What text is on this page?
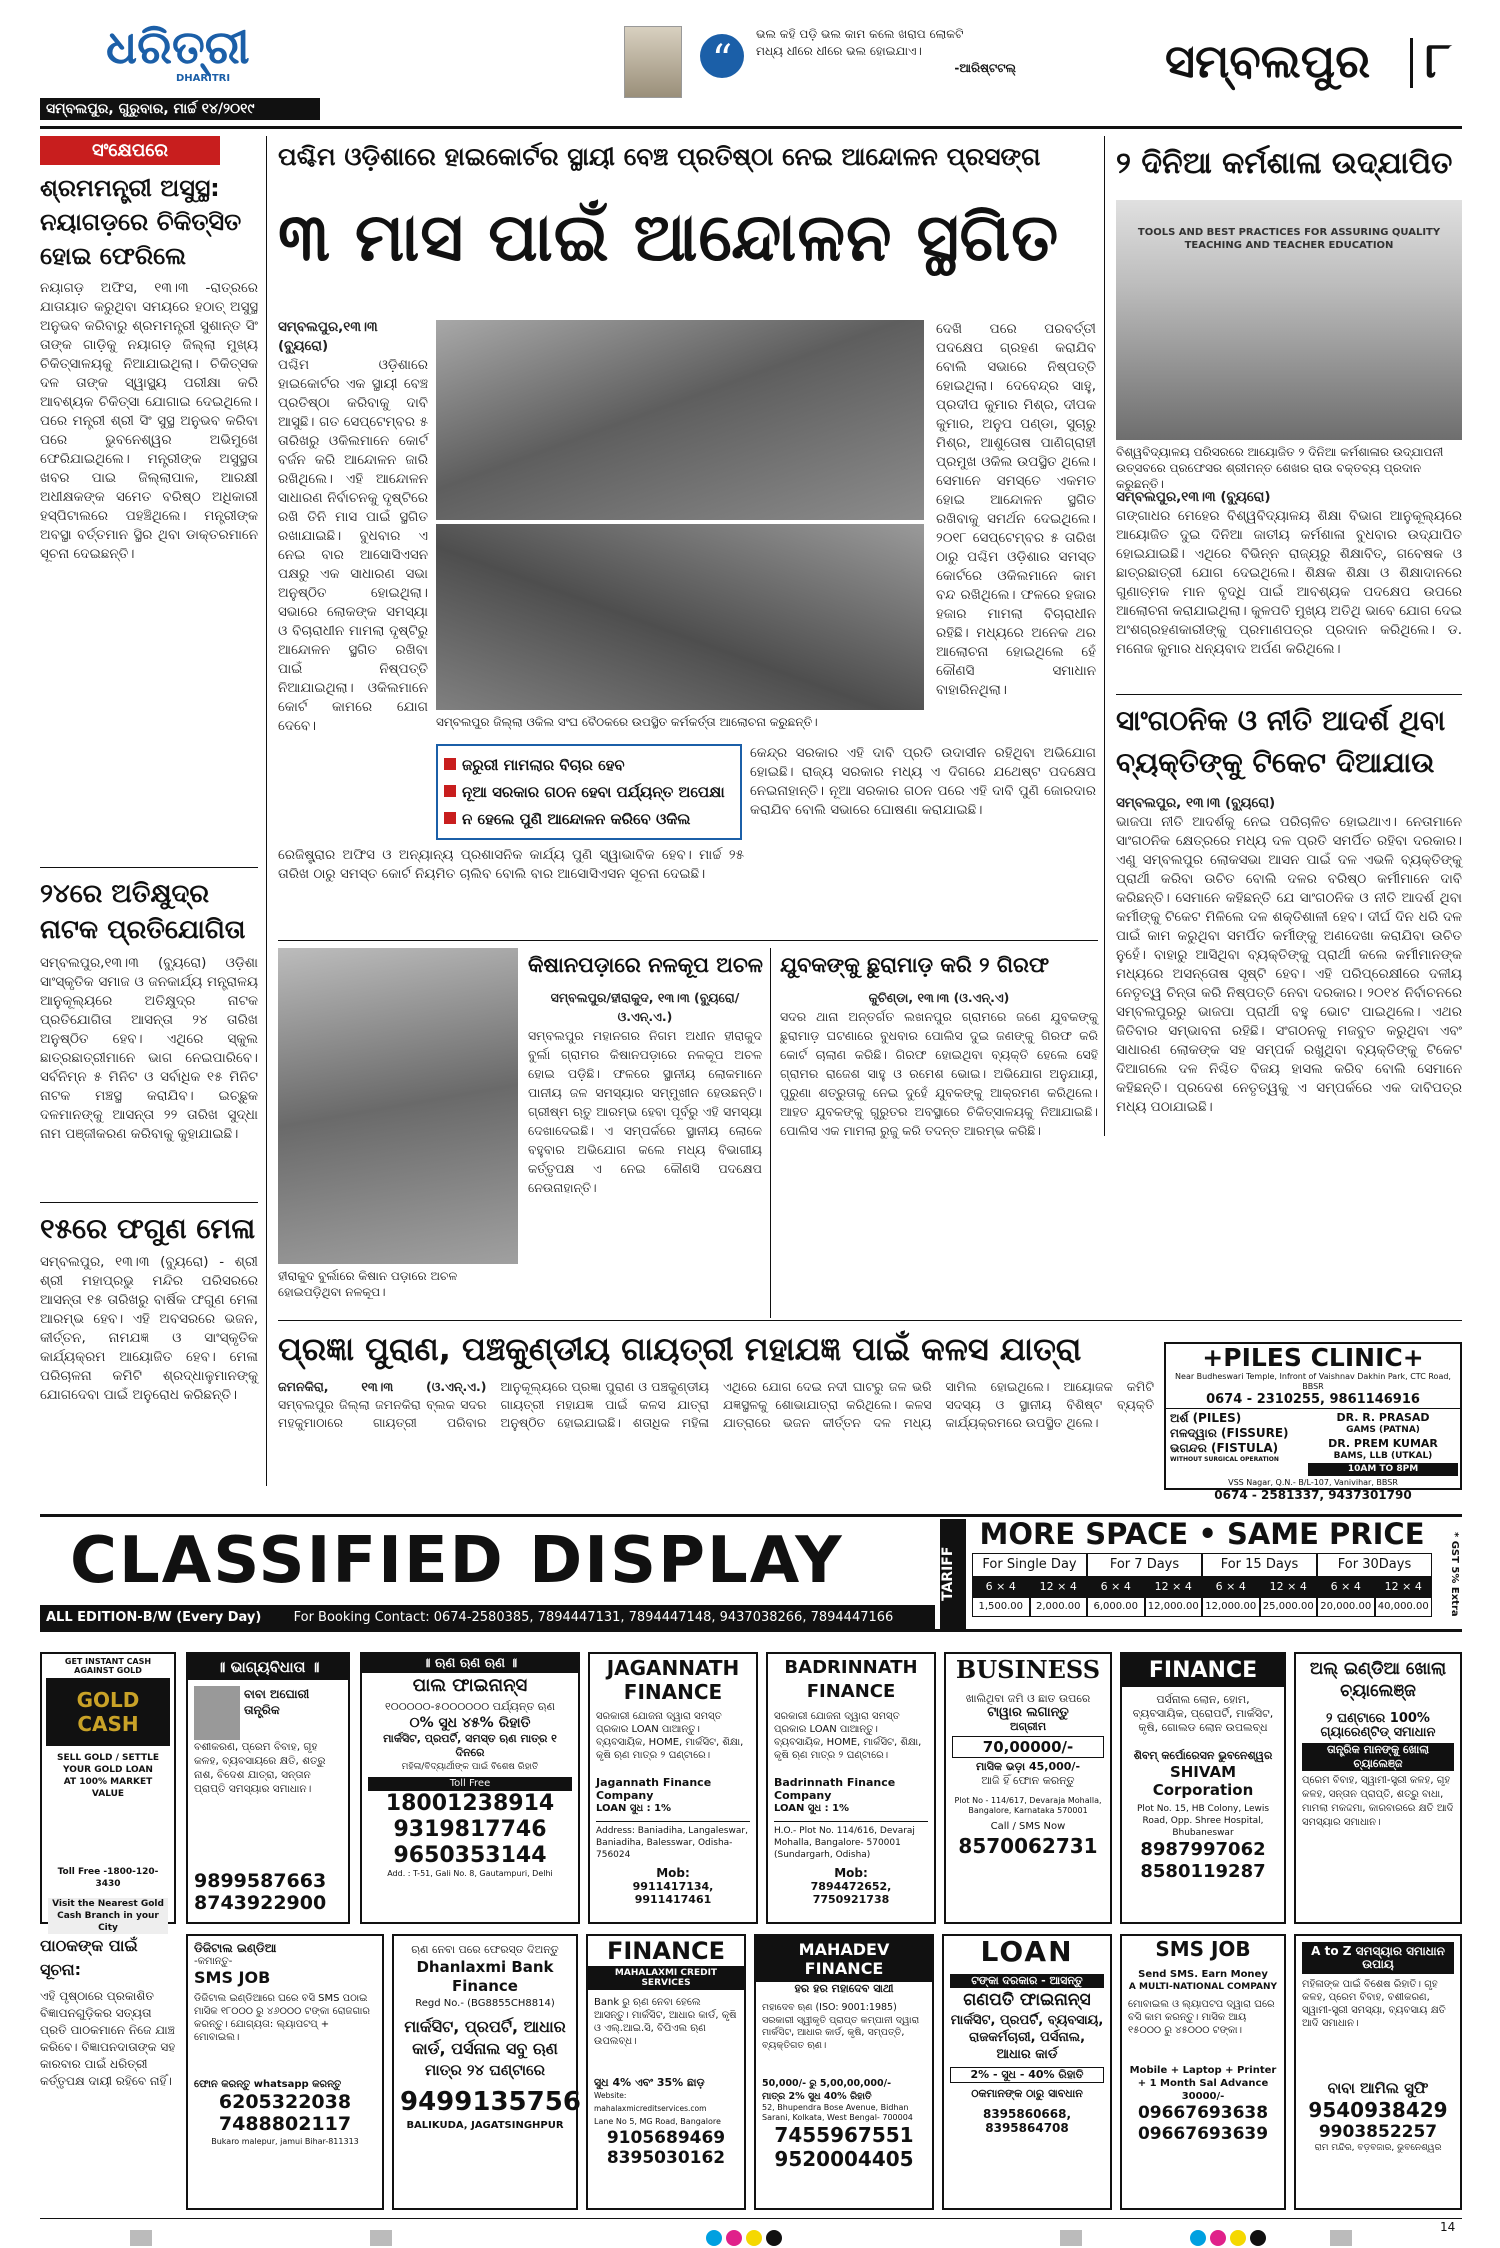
ଧରିତ୍ରୀ
DHARITRI
ସମ୍ବଲପୁର, ଗୁରୁବାର, ମାର୍ଚ୍ଚ ୧୪/୨୦୧୯
“
ଭଲ କହି ପଡ଼ି ଭଲ କାମ କଲେ ଖରାପ ଲୋକଟି
ମଧ୍ୟ ଧୀରେ ଧୀରେ ଭଲ ହୋଇଯାଏ।
-ଆରିଷ୍ଟଟଲ୍	ସମ୍ବଲପୁର ୮
ସଂକ୍ଷେପରେ
ଶ୍ରମମନ୍ତ୍ରୀ ଅସୁସ୍ଥ: ନୟାଗଡ଼ରେ ଚିକିତ୍ସିତ ହୋଇ ଫେରିଲେ
ନୟାଗଡ଼ ଅଫିସ, ୧୩।୩ -ରାତ୍ରରେ ଯାତାୟାତ କରୁଥିବା ସମୟରେ ହଠାତ୍ ଅସୁସ୍ଥ ଅନୁଭବ କରିବାରୁ ଶ୍ରମମନ୍ତ୍ରୀ ସୁଶାନ୍ତ ସିଂ ତାଙ୍କ ଗାଡ଼ିକୁ ନୟାଗଡ଼ ଜିଲ୍ଲା ମୁଖ୍ୟ ଚିକିତ୍ସାଳୟକୁ ନିଆଯାଇଥିଲା। ଚିକିତ୍ସକ ଦଳ ତାଙ୍କ ସ୍ୱାସ୍ଥ୍ୟ ପରୀକ୍ଷା କରି ଆବଶ୍ୟକ ଚିକିତ୍ସା ଯୋଗାଇ ଦେଇଥିଲେ। ପରେ ମନ୍ତ୍ରୀ ଶ୍ରୀ ସିଂ ସୁସ୍ଥ ଅନୁଭବ କରିବା ପରେ ଭୁବନେଶ୍ୱର ଅଭିମୁଖେ ଫେରିଯାଇଥିଲେ। ମନ୍ତ୍ରୀଙ୍କ ଅସୁସ୍ଥତା ଖବର ପାଇ ଜିଲ୍ଲାପାଳ, ଆରକ୍ଷୀ ଅଧୀକ୍ଷକଙ୍କ ସମେତ ବରିଷ୍ଠ ଅଧିକାରୀ ହସ୍ପିଟାଲରେ ପହଞ୍ଚିଥିଲେ। ମନ୍ତ୍ରୀଙ୍କ ଅବସ୍ଥା ବର୍ତ୍ତମାନ ସ୍ଥିର ଥିବା ଡାକ୍ତରମାନେ ସୂଚନା ଦେଇଛନ୍ତି।
୨୪ରେ ଅତିକ୍ଷୁଦ୍ର ନାଟକ ପ୍ରତିଯୋଗିତା
ସମ୍ବଲପୁର,୧୩।୩ (ବ୍ୟୁରୋ) ଓଡ଼ିଶା ସାଂସ୍କୃତିକ ସମାଜ ଓ ଜନକାର୍ଯ୍ୟ ମନ୍ତ୍ରାଳୟ ଆନୁକୂଲ୍ୟରେ ଅତିକ୍ଷୁଦ୍ର ନାଟକ ପ୍ରତିଯୋଗିତା ଆସନ୍ତା ୨୪ ତାରିଖ ଅନୁଷ୍ଠିତ ହେବ। ଏଥିରେ ସ୍କୁଲ ଛାତ୍ରଛାତ୍ରୀମାନେ ଭାଗ ନେଇପାରିବେ। ସର୍ବନିମ୍ନ ୫ ମିନିଟ ଓ ସର୍ବାଧିକ ୧୫ ମିନିଟ ନାଟକ ମଞ୍ଚସ୍ଥ କରାଯିବ। ଇଚ୍ଛୁକ ଦଳମାନଙ୍କୁ ଆସନ୍ତା ୨୨ ତାରିଖ ସୁଦ୍ଧା ନାମ ପଞ୍ଜୀକରଣ କରିବାକୁ କୁହାଯାଇଛି।
୧୫ରେ ଫଗୁଣ ମେଳା
ସମ୍ବଲପୁର, ୧୩।୩ (ବ୍ୟୁରୋ) - ଶ୍ରୀ ଶ୍ରୀ ମହାପ୍ରଭୁ ମନ୍ଦିର ପରିସରରେ ଆସନ୍ତା ୧୫ ତାରିଖରୁ ବାର୍ଷିକ ଫଗୁଣ ମେଳା ଆରମ୍ଭ ହେବ। ଏହି ଅବସରରେ ଭଜନ, କୀର୍ତ୍ତନ, ନାମଯଜ୍ଞ ଓ ସାଂସ୍କୃତିକ କାର୍ଯ୍ୟକ୍ରମ ଆୟୋଜିତ ହେବ। ମେଳା ପରିଚାଳନା କମିଟି ଶ୍ରଦ୍ଧାଳୁମାନଙ୍କୁ ଯୋଗଦେବା ପାଇଁ ଅନୁରୋଧ କରିଛନ୍ତି।
ପଶ୍ଚିମ ଓଡ଼ିଶାରେ ହାଇକୋର୍ଟର ସ୍ଥାୟୀ ବେଞ୍ଚ ପ୍ରତିଷ୍ଠା ନେଇ ଆନ୍ଦୋଳନ ପ୍ରସଙ୍ଗ
୩ ମାସ ପାଇଁ ଆନ୍ଦୋଳନ ସ୍ଥଗିତ
ସମ୍ବଲପୁର,୧୩।୩ (ବ୍ୟୁରୋ)
ପଶ୍ଚିମ ଓଡ଼ିଶାରେ ହାଇକୋର୍ଟର ଏକ ସ୍ଥାୟୀ ବେଞ୍ଚ ପ୍ରତିଷ୍ଠା କରିବାକୁ ଦାବି ଆସୁଛି। ଗତ ସେପ୍ଟେମ୍ବର ୫ ତାରିଖରୁ ଓକିଲମାନେ କୋର୍ଟ ବର୍ଜନ କରି ଆନ୍ଦୋଳନ ଜାରି ରଖିଥିଲେ। ଏହି ଆନ୍ଦୋଳନ ସାଧାରଣ ନିର୍ବାଚନକୁ ଦୃଷ୍ଟିରେ ରଖି ତିନି ମାସ ପାଇଁ ସ୍ଥଗିତ ରଖାଯାଇଛି। ବୁଧବାର ଏ ନେଇ ବାର ଆସୋସିଏସନ ପକ୍ଷରୁ ଏକ ସାଧାରଣ ସଭା ଅନୁଷ୍ଠିତ ହୋଇଥିଲା। ସଭାରେ ଲୋକଙ୍କ ସମସ୍ୟା ଓ ବିଚାରାଧୀନ ମାମଲା ଦୃଷ୍ଟିରୁ ଆନ୍ଦୋଳନ ସ୍ଥଗିତ ରଖିବା ପାଇଁ ନିଷ୍ପତ୍ତି ନିଆଯାଇଥିଲା। ଓକିଲମାନେ କୋର୍ଟ କାମରେ ଯୋଗ ଦେବେ।	ସମ୍ବଲପୁର ଜିଲ୍ଲା ଓକିଲ ସଂଘ ବୈଠକରେ ଉପସ୍ଥିତ କର୍ମକର୍ତ୍ତା ଆଲୋଚନା କରୁଛନ୍ତି।
ଦେଖି ପରେ ପରବର୍ତ୍ତୀ ପଦକ୍ଷେପ ଗ୍ରହଣ କରାଯିବ ବୋଲି ସଭାରେ ନିଷ୍ପତ୍ତି ହୋଇଥିଲା। ଦେବେନ୍ଦ୍ର ସାହୁ, ପ୍ରଦୀପ କୁମାର ମିଶ୍ର, ଦୀପକ କୁମାର, ଅନୁପ ପଣ୍ଡା, ସୁଚାରୁ ମିଶ୍ର, ଆଶୁତୋଷ ପାଣିଗ୍ରାହୀ ପ୍ରମୁଖ ଓକିଲ ଉପସ୍ଥିତ ଥିଲେ। ସେମାନେ ସମସ୍ତେ ଏକମତ ହୋଇ ଆନ୍ଦୋଳନ ସ୍ଥଗିତ ରଖିବାକୁ ସମର୍ଥନ ଦେଇଥିଲେ। ୨୦୧୮ ସେପ୍ଟେମ୍ବର ୫ ତାରିଖ ଠାରୁ ପଶ୍ଚିମ ଓଡ଼ିଶାର ସମସ୍ତ କୋର୍ଟରେ ଓକିଲମାନେ କାମ ବନ୍ଦ ରଖିଥିଲେ। ଫଳରେ ହଜାର ହଜାର ମାମଲା ବିଚାରାଧୀନ ରହିଛି। ମଧ୍ୟରେ ଅନେକ ଥର ଆଲୋଚନା ହୋଇଥିଲେ ହେଁ କୌଣସି ସମାଧାନ ବାହାରିନଥିଲା।
ଜରୁରୀ ମାମଲାର ବିଚାର ହେବ
ନୂଆ ସରକାର ଗଠନ ହେବା ପର୍ଯ୍ୟନ୍ତ ଅପେକ୍ଷା
ନ ହେଲେ ପୁଣି ଆନ୍ଦୋଳନ କରିବେ ଓକିଲ
କେନ୍ଦ୍ର ସରକାର ଏହି ଦାବି ପ୍ରତି ଉଦାସୀନ ରହିଥିବା ଅଭିଯୋଗ ହୋଇଛି। ରାଜ୍ୟ ସରକାର ମଧ୍ୟ ଏ ଦିଗରେ ଯଥେଷ୍ଟ ପଦକ୍ଷେପ ନେଇନାହାନ୍ତି। ନୂଆ ସରକାର ଗଠନ ପରେ ଏହି ଦାବି ପୁଣି ଜୋରଦାର କରାଯିବ ବୋଲି ସଭାରେ ଘୋଷଣା କରାଯାଇଛି।
ରେଜିଷ୍ଟ୍ରାର ଅଫିସ ଓ ଅନ୍ୟାନ୍ୟ ପ୍ରଶାସନିକ କାର୍ଯ୍ୟ ପୁଣି ସ୍ୱାଭାବିକ ହେବ। ମାର୍ଚ୍ଚ ୨୫ ତାରିଖ ଠାରୁ ସମସ୍ତ କୋର୍ଟ ନିୟମିତ ଚାଲିବ ବୋଲି ବାର ଆସୋସିଏସନ ସୂଚନା ଦେଇଛି।
୨ ଦିନିଆ କର୍ମଶାଳା ଉଦ୍ଯାପିତ
TOOLS AND BEST PRACTICES FOR ASSURING QUALITY TEACHING AND TEACHER EDUCATION
ବିଶ୍ୱବିଦ୍ୟାଳୟ ପରିସରରେ ଆୟୋଜିତ ୨ ଦିନିଆ କର୍ମଶାଳାର ଉଦ୍ଯାପନୀ ଉତ୍ସବରେ ପ୍ରଫେସର ଶ୍ରୀମନ୍ତ ଶେଖର ରାଉ ବକ୍ତବ୍ୟ ପ୍ରଦାନ କରୁଛନ୍ତି।
ସମ୍ବଲପୁର,୧୩।୩ (ବ୍ୟୁରୋ)
ଗଙ୍ଗାଧର ମେହେର ବିଶ୍ୱବିଦ୍ୟାଳୟ ଶିକ୍ଷା ବିଭାଗ ଆନୁକୂଲ୍ୟରେ ଆୟୋଜିତ ଦୁଇ ଦିନିଆ ଜାତୀୟ କର୍ମଶାଳା ବୁଧବାର ଉଦ୍ଯାପିତ ହୋଇଯାଇଛି। ଏଥିରେ ବିଭିନ୍ନ ରାଜ୍ୟରୁ ଶିକ୍ଷାବିତ୍, ଗବେଷକ ଓ ଛାତ୍ରଛାତ୍ରୀ ଯୋଗ ଦେଇଥିଲେ। ଶିକ୍ଷକ ଶିକ୍ଷା ଓ ଶିକ୍ଷାଦାନରେ ଗୁଣାତ୍ମକ ମାନ ବୃଦ୍ଧି ପାଇଁ ଆବଶ୍ୟକ ପଦକ୍ଷେପ ଉପରେ ଆଲୋଚନା କରାଯାଇଥିଲା। କୁଳପତି ମୁଖ୍ୟ ଅତିଥି ଭାବେ ଯୋଗ ଦେଇ ଅଂଶଗ୍ରହଣକାରୀଙ୍କୁ ପ୍ରମାଣପତ୍ର ପ୍ରଦାନ କରିଥିଲେ। ଡ. ମନୋଜ କୁମାର ଧନ୍ୟବାଦ ଅର୍ପଣ କରିଥିଲେ।
ସାଂଗଠନିକ ଓ ନୀତି ଆଦର୍ଶ ଥିବା ବ୍ୟକ୍ତିଙ୍କୁ ଟିକେଟ ଦିଆଯାଉ
ସମ୍ବଲପୁର, ୧୩।୩ (ବ୍ୟୁରୋ)
ଭାଜପା ନୀତି ଆଦର୍ଶକୁ ନେଇ ପରିଚାଳିତ ହୋଇଥାଏ। ନେତାମାନେ ସାଂଗଠନିକ କ୍ଷେତ୍ରରେ ମଧ୍ୟ ଦଳ ପ୍ରତି ସମର୍ପିତ ରହିବା ଦରକାର। ଏଣୁ ସମ୍ବଲପୁର ଲୋକସଭା ଆସନ ପାଇଁ ଦଳ ଏଭଳି ବ୍ୟକ୍ତିଙ୍କୁ ପ୍ରାର୍ଥୀ କରିବା ଉଚିତ ବୋଲି ଦଳର ବରିଷ୍ଠ କର୍ମୀମାନେ ଦାବି କରିଛନ୍ତି। ସେମାନେ କହିଛନ୍ତି ଯେ ସାଂଗଠନିକ ଓ ନୀତି ଆଦର୍ଶ ଥିବା କର୍ମୀଙ୍କୁ ଟିକେଟ ମିଳିଲେ ଦଳ ଶକ୍ତିଶାଳୀ ହେବ। ଦୀର୍ଘ ଦିନ ଧରି ଦଳ ପାଇଁ କାମ କରୁଥିବା ସମର୍ପିତ କର୍ମୀଙ୍କୁ ଅଣଦେଖା କରାଯିବା ଉଚିତ ନୁହେଁ। ବାହାରୁ ଆସିଥିବା ବ୍ୟକ୍ତିଙ୍କୁ ପ୍ରାର୍ଥୀ କଲେ କର୍ମୀମାନଙ୍କ ମଧ୍ୟରେ ଅସନ୍ତୋଷ ସୃଷ୍ଟି ହେବ। ଏହି ପରିପ୍ରେକ୍ଷୀରେ ଦଳୀୟ ନେତୃତ୍ୱ ଚିନ୍ତା କରି ନିଷ୍ପତ୍ତି ନେବା ଦରକାର। ୨୦୧୪ ନିର୍ବାଚନରେ ସମ୍ବଲପୁରରୁ ଭାଜପା ପ୍ରାର୍ଥୀ ବହୁ ଭୋଟ ପାଇଥିଲେ। ଏଥର ଜିତିବାର ସମ୍ଭାବନା ରହିଛି। ସଂଗଠନକୁ ମଜବୁତ କରୁଥିବା ଏବଂ ସାଧାରଣ ଲୋକଙ୍କ ସହ ସମ୍ପର୍କ ରଖୁଥିବା ବ୍ୟକ୍ତିଙ୍କୁ ଟିକେଟ ଦିଆଗଲେ ଦଳ ନିଶ୍ଚିତ ବିଜୟ ହାସଲ କରିବ ବୋଲି ସେମାନେ କହିଛନ୍ତି। ପ୍ରଦେଶ ନେତୃତ୍ୱକୁ ଏ ସମ୍ପର୍କରେ ଏକ ଦାବିପତ୍ର ମଧ୍ୟ ପଠାଯାଇଛି।
ହୀରାକୁଦ ବୁର୍ଲାରେ କିଷାନ ପଡ଼ାରେ ଅଚଳ ହୋଇପଡ଼ିଥିବା ନଳକୂପ।
କିଷାନପଡ଼ାରେ ନଳକୂପ ଅଚଳ
ସମ୍ବଲପୁର/ହୀରାକୁଦ, ୧୩।୩ (ବ୍ୟୁରୋ/ ଓ.ଏନ୍.ଏ.)
ସମ୍ବଲପୁର ମହାନଗର ନିଗମ ଅଧୀନ ହୀରାକୁଦ ବୁର୍ଲା ଗ୍ରାମର କିଷାନପଡ଼ାରେ ନଳକୂପ ଅଚଳ ହୋଇ ପଡ଼ିଛି। ଫଳରେ ସ୍ଥାନୀୟ ଲୋକମାନେ ପାନୀୟ ଜଳ ସମସ୍ୟାର ସମ୍ମୁଖୀନ ହେଉଛନ୍ତି। ଗ୍ରୀଷ୍ମ ଋତୁ ଆରମ୍ଭ ହେବା ପୂର୍ବରୁ ଏହି ସମସ୍ୟା ଦେଖାଦେଇଛି। ଏ ସମ୍ପର୍କରେ ସ୍ଥାନୀୟ ଲୋକେ ବହୁବାର ଅଭିଯୋଗ କଲେ ମଧ୍ୟ ବିଭାଗୀୟ କର୍ତ୍ତୃପକ୍ଷ ଏ ନେଇ କୌଣସି ପଦକ୍ଷେପ ନେଉନାହାନ୍ତି।
ଯୁବକଙ୍କୁ ଛୁରାମାଡ଼ କରି ୨ ଗିରଫ
କୁଚିଣ୍ଡା, ୧୩।୩ (ଓ.ଏନ୍.ଏ)
ସଦର ଥାନା ଅନ୍ତର୍ଗତ ଲଖନପୁର ଗ୍ରାମରେ ଜଣେ ଯୁବକଙ୍କୁ ଛୁରାମାଡ଼ ଘଟଣାରେ ବୁଧବାର ପୋଲିସ ଦୁଇ ଜଣଙ୍କୁ ଗିରଫ କରି କୋର୍ଟ ଚାଲାଣ କରିଛି। ଗିରଫ ହୋଇଥିବା ବ୍ୟକ୍ତି ହେଲେ ସେହି ଗ୍ରାମର ରାଜେଶ ସାହୁ ଓ ରମେଶ ଭୋଇ। ଅଭିଯୋଗ ଅନୁଯାୟୀ, ପୁରୁଣା ଶତ୍ରୁତାକୁ ନେଇ ଦୁହେଁ ଯୁବକଙ୍କୁ ଆକ୍ରମଣ କରିଥିଲେ। ଆହତ ଯୁବକଙ୍କୁ ଗୁରୁତର ଅବସ୍ଥାରେ ଚିକିତ୍ସାଳୟକୁ ନିଆଯାଇଛି। ପୋଲିସ ଏକ ମାମଲା ରୁଜୁ କରି ତଦନ୍ତ ଆରମ୍ଭ କରିଛି।
ପ୍ରଜ୍ଞା ପୁରାଣ, ପଞ୍ଚକୁଣ୍ଡୀୟ ଗାୟତ୍ରୀ ମହାଯଜ୍ଞ ପାଇଁ କଳସ ଯାତ୍ରା
ଜମନକିରା, ୧୩।୩ (ଓ.ଏନ୍.ଏ.) ସମ୍ବଲପୁର ଜିଲ୍ଲା ଜମନକିରା ବ୍ଲକ ସଦର ମହକୁମାଠାରେ ଗାୟତ୍ରୀ ପରିବାର ଆନୁକୂଲ୍ୟରେ ପ୍ରଜ୍ଞା ପୁରାଣ ଓ ପଞ୍ଚକୁଣ୍ଡୀୟ ଗାୟତ୍ରୀ ମହାଯଜ୍ଞ ପାଇଁ କଳସ ଯାତ୍ରା ଅନୁଷ୍ଠିତ ହୋଇଯାଇଛି। ଶତାଧିକ ମହିଳା ଏଥିରେ ଯୋଗ ଦେଇ ନଦୀ ଘାଟରୁ ଜଳ ଭରି ଯଜ୍ଞସ୍ଥଳକୁ ଶୋଭାଯାତ୍ରା କରିଥିଲେ। କଳସ ଯାତ୍ରାରେ ଭଜନ କୀର୍ତ୍ତନ ଦଳ ମଧ୍ୟ ସାମିଲ ହୋଇଥିଲେ। ଆୟୋଜକ କମିଟି ସଦସ୍ୟ ଓ ସ୍ଥାନୀୟ ବିଶିଷ୍ଟ ବ୍ୟକ୍ତି କାର୍ଯ୍ୟକ୍ରମରେ ଉପସ୍ଥିତ ଥିଲେ।
+PILES CLINIC+
Near Budheswari Temple, Infront of Vaishnav Dakhin Park, CTC Road, BBSR
0674 - 2310255, 9861146916
ଅର୍ଶ (PILES)
ମଳଦ୍ୱାର (FISSURE)
ଭଗନ୍ଦର (FISTULA)
WITHOUT SURGICAL OPERATION
DR. R. PRASAD
GAMS (PATNA)
DR. PREM KUMAR
BAMS, LLB (UTKAL)
10AM TO 8PM
VSS Nagar, Q.N.- B/L-107, Vanivihar, BBSR
0674 - 2581337, 9437301790
CLASSIFIED DISPLAY
ALL EDITION-B/W (Every Day) For Booking Contact: 0674-2580385, 7894447131, 7894447148, 9437038266, 7894447166
TARIFF
MORE SPACE • SAME PRICE	* GST 5% Extra
For Single Day	For 7 Days	For 15 Days	For 30Days
6 × 4	12 × 4	6 × 4	12 × 4	6 × 4	12 × 4	6 × 4	12 × 4
1,500.00	2,000.00	6,000.00 12,000.00 12,000.00 25,000.00 20,000.00 40,000.00
GET INSTANT CASH AGAINST GOLD
GOLD CASH
SELL GOLD / SETTLE YOUR GOLD LOAN
AT 100% MARKET VALUE
Toll Free -1800-120-3430
Visit the Nearest Gold Cash Branch in your City
॥ ଭାଗ୍ୟବିଧାତା ॥
ବାବା ଅଘୋରୀ ତାନ୍ତ୍ରିକ
ବଶୀକରଣ, ପ୍ରେମ ବିବାହ, ଗୃହ କଳହ, ବ୍ୟବସାୟରେ କ୍ଷତି, ଶତ୍ରୁ ନାଶ, ବିଦେଶ ଯାତ୍ରା, ସନ୍ତାନ ପ୍ରାପ୍ତି ସମସ୍ୟାର ସମାଧାନ।
9899587663
8743922900
॥ ଋଣ ଋଣ ଋଣ ॥
ପାଲ ଫାଇନାନ୍ସ
୧୦୦୦୦୦-୫୦୦୦୦୦୦ ପର୍ଯ୍ୟନ୍ତ ଋଣ
୦% ସୁଧ ୪୫% ରିହାତି
ମାର୍କସିଟ, ପ୍ରପର୍ଟି, ସମସ୍ତ ଋଣ ମାତ୍ର ୧ ଦିନରେ
ମହିଳା/ବିଦ୍ୟାର୍ଥୀଙ୍କ ପାଇଁ ବିଶେଷ ରିହାତି
Toll Free
18001238914
9319817746
9650353144
Add. : T-51, Gali No. 8, Gautampuri, Delhi
JAGANNATH FINANCE
ସରକାରୀ ଯୋଜନା ଦ୍ୱାରା ସମସ୍ତ ପ୍ରକାର LOAN ପାଆନ୍ତୁ। ବ୍ୟବସାୟିକ, HOME, ମାର୍କସିଟ, ଶିକ୍ଷା, କୃଷି ଋଣ ମାତ୍ର ୨ ଘଣ୍ଟାରେ।
Jagannath Finance Company
LOAN ସୁଧ : 1%
Address: Baniadiha, Langaleswar, Baniadiha, Balesswar, Odisha-756024
Mob:
9911417134, 9911417461
BADRINNATH FINANCE
ସରକାରୀ ଯୋଜନା ଦ୍ୱାରା ସମସ୍ତ ପ୍ରକାର LOAN ପାଆନ୍ତୁ। ବ୍ୟବସାୟିକ, HOME, ମାର୍କସିଟ, ଶିକ୍ଷା, କୃଷି ଋଣ ମାତ୍ର ୨ ଘଣ୍ଟାରେ।
Badrinnath Finance Company
LOAN ସୁଧ : 1%
H.O.- Plot No. 114/616, Devaraj Mohalla, Bangalore- 570001 (Sundargarh, Odisha)
Mob:
7894472652, 7750921738
BUSINESS
ଖାଲିଥିବା ଜମି ଓ ଛାତ ଉପରେ
ଟାୱାର ଲଗାନ୍ତୁ
ଅଗ୍ରୀମ
70,00000/-
ମାସିକ ଭଡ଼ା 45,000/-
ଆଜି ହିଁ ଫୋନ କରନ୍ତୁ
Plot No - 114/617, Devaraja Mohalla, Bangalore, Karnataka 570001
Call / SMS Now
8570062731
FINANCE
ପର୍ସନାଲ ଲୋନ, ହୋମ, ବ୍ୟବସାୟିକ, ପ୍ରୋପର୍ଟି, ମାର୍କସିଟ, କୃଷି, ଗୋଲଡ ଲୋନ ଉପଲବ୍ଧ
ଶିବମ୍ କର୍ପୋରେସନ ଭୁବନେଶ୍ୱର
SHIVAM Corporation
Plot No. 15, HB Colony, Lewis Road, Opp. Shree Hospital, Bhubaneswar
8987997062
8580119287
ଅଲ୍ ଇଣ୍ଡିଆ ଖୋଲା ଚ୍ୟାଲେଞ୍ଜ
୨ ଘଣ୍ଟାରେ 100%
ଗ୍ୟାରେଣ୍ଟିଡ୍ ସମାଧାନ
ତାନ୍ତ୍ରିକ ମାନଙ୍କୁ ଖୋଲା ଚ୍ୟାଲେଞ୍ଜ
ପ୍ରେମ ବିବାହ, ସ୍ୱାମୀ-ସ୍ତ୍ରୀ କଳହ, ଗୃହ କଳହ, ସନ୍ତାନ ପ୍ରାପ୍ତି, ଶତ୍ରୁ ବାଧା, ମାମଲା ମକଦ୍ଦମା, କାରବାରରେ କ୍ଷତି ଆଦି ସମସ୍ୟାର ସମାଧାନ।
ପାଠକଙ୍କ ପାଇଁ ସୂଚନା:
ଏହି ପୃଷ୍ଠାରେ ପ୍ରକାଶିତ ବିଜ୍ଞାପନଗୁଡ଼ିକର ସତ୍ୟତା ପ୍ରତି ପାଠକମାନେ ନିଜେ ଯାଞ୍ଚ କରିବେ। ବିଜ୍ଞାପନଦାତାଙ୍କ ସହ କାରବାର ପାଇଁ ଧରିତ୍ରୀ କର୍ତ୍ତୃପକ୍ଷ ଦାୟୀ ରହିବେ ନାହିଁ।
ଡିଜିଟାଲ ଇଣ୍ଡିଆ
-କମାନ୍ତୁ-
SMS JOB
ଡିଜିଟାଲ ଇଣ୍ଡିଆରେ ଘରେ ବସି SMS ପଠାଇ ମାସିକ ୧୮୦୦୦ ରୁ ୪୬୦୦୦ ଟଙ୍କା ରୋଜଗାର କରନ୍ତୁ। ଯୋଗ୍ୟତା: ଲ୍ୟାପଟପ୍ + ମୋବାଇଲ।
ଫୋନ କରନ୍ତୁ whatsapp କରନ୍ତୁ
6205322038
7488802117
Bukaro malepur, jamui Bihar-811313
ଋଣ ନେବା ପରେ ଫେରସ୍ତ ଦିଅନ୍ତୁ
Dhanlaxmi Bank Finance
Regd No.- (BG8855CH8814)
ମାର୍କସିଟ, ପ୍ରପର୍ଟି, ଆଧାର କାର୍ଡ, ପର୍ସନାଲ ସବୁ ଋଣ
ମାତ୍ର ୨୪ ଘଣ୍ଟାରେ
9499135756
BALIKUDA, JAGATSINGHPUR
FINANCE
MAHALAXMI CREDIT SERVICES
Bank ରୁ ଋଣ ନେବା ହେଲେ ଆସନ୍ତୁ। ମାର୍କସିଟ, ଆଧାର କାର୍ଡ, କୃଷି ଓ ଏଲ୍.ଆଇ.ସି, ବିପିଏଲ ଋଣ ଉପଲବ୍ଧ।
ସୁଧ 4% ଏବଂ 35% ଛାଡ଼
Website: mahalaxmicreditservices.com
Lane No 5, MG Road, Bangalore
9105689469
8395030162
MAHADEV FINANCE
ହର ହର ମହାଦେବ ସାଥୀ
ମହାଦେବ ଋଣ (ISO: 9001:1985) ସରକାରୀ ସ୍ୱୀକୃତି ପ୍ରାପ୍ତ କମ୍ପାନୀ ଦ୍ୱାରା ମାର୍କସିଟ, ଆଧାର କାର୍ଡ, କୃଷି, ସମ୍ପତ୍ତି, ବ୍ୟକ୍ତିଗତ ଋଣ।
50,000/- ରୁ 5,00,00,000/-
ମାତ୍ର 2% ସୁଧ 40% ରିହାତି
52, Bhupendra Bose Avenue, Bidhan Sarani, Kolkata, West Bengal- 700004
7455967551
9520004405
LOAN
ଟଙ୍କା ଦରକାର - ଆସନ୍ତୁ
ଗଣପତି ଫାଇନାନ୍ସ
ମାର୍କସିଟ, ପ୍ରପର୍ଟି, ବ୍ୟବସାୟ, ରାଜକର୍ମଚାରୀ, ପର୍ସନାଲ, ଆଧାର କାର୍ଡ
2% - ସୁଧ - 40% ରିହାତି
ଠକମାନଙ୍କ ଠାରୁ ସାବଧାନ
8395860668, 8395864708
SMS JOB
Send SMS. Earn Money
A MULTI-NATIONAL COMPANY
ମୋବାଇଲ ଓ ଲ୍ୟାପଟପ ଦ୍ୱାରା ଘରେ ବସି କାମ କରନ୍ତୁ। ମାସିକ ଆୟ ୧୫୦୦୦ ରୁ ୪୫୦୦୦ ଟଙ୍କା।
Mobile + Laptop + Printer + 1 Month Sal Advance 30000/-
09667693638
09667693639
A to Z ସମସ୍ୟାର ସମାଧାନ ଉପାୟ
ମହିଳାଙ୍କ ପାଇଁ ବିଶେଷ ରିହାତି। ଗୃହ କଳହ, ପ୍ରେମ ବିବାହ, ବଶୀକରଣ, ସ୍ୱାମୀ-ସ୍ତ୍ରୀ ସମସ୍ୟା, ବ୍ୟବସାୟ କ୍ଷତି ଆଦି ସମାଧାନ।
ବାବା ଆମିଲ ସୁଫି
9540938429
9903852257
ରାମ ମନ୍ଦିର, ବଡ଼ବଜାର, ଭୁବନେଶ୍ୱର
14
